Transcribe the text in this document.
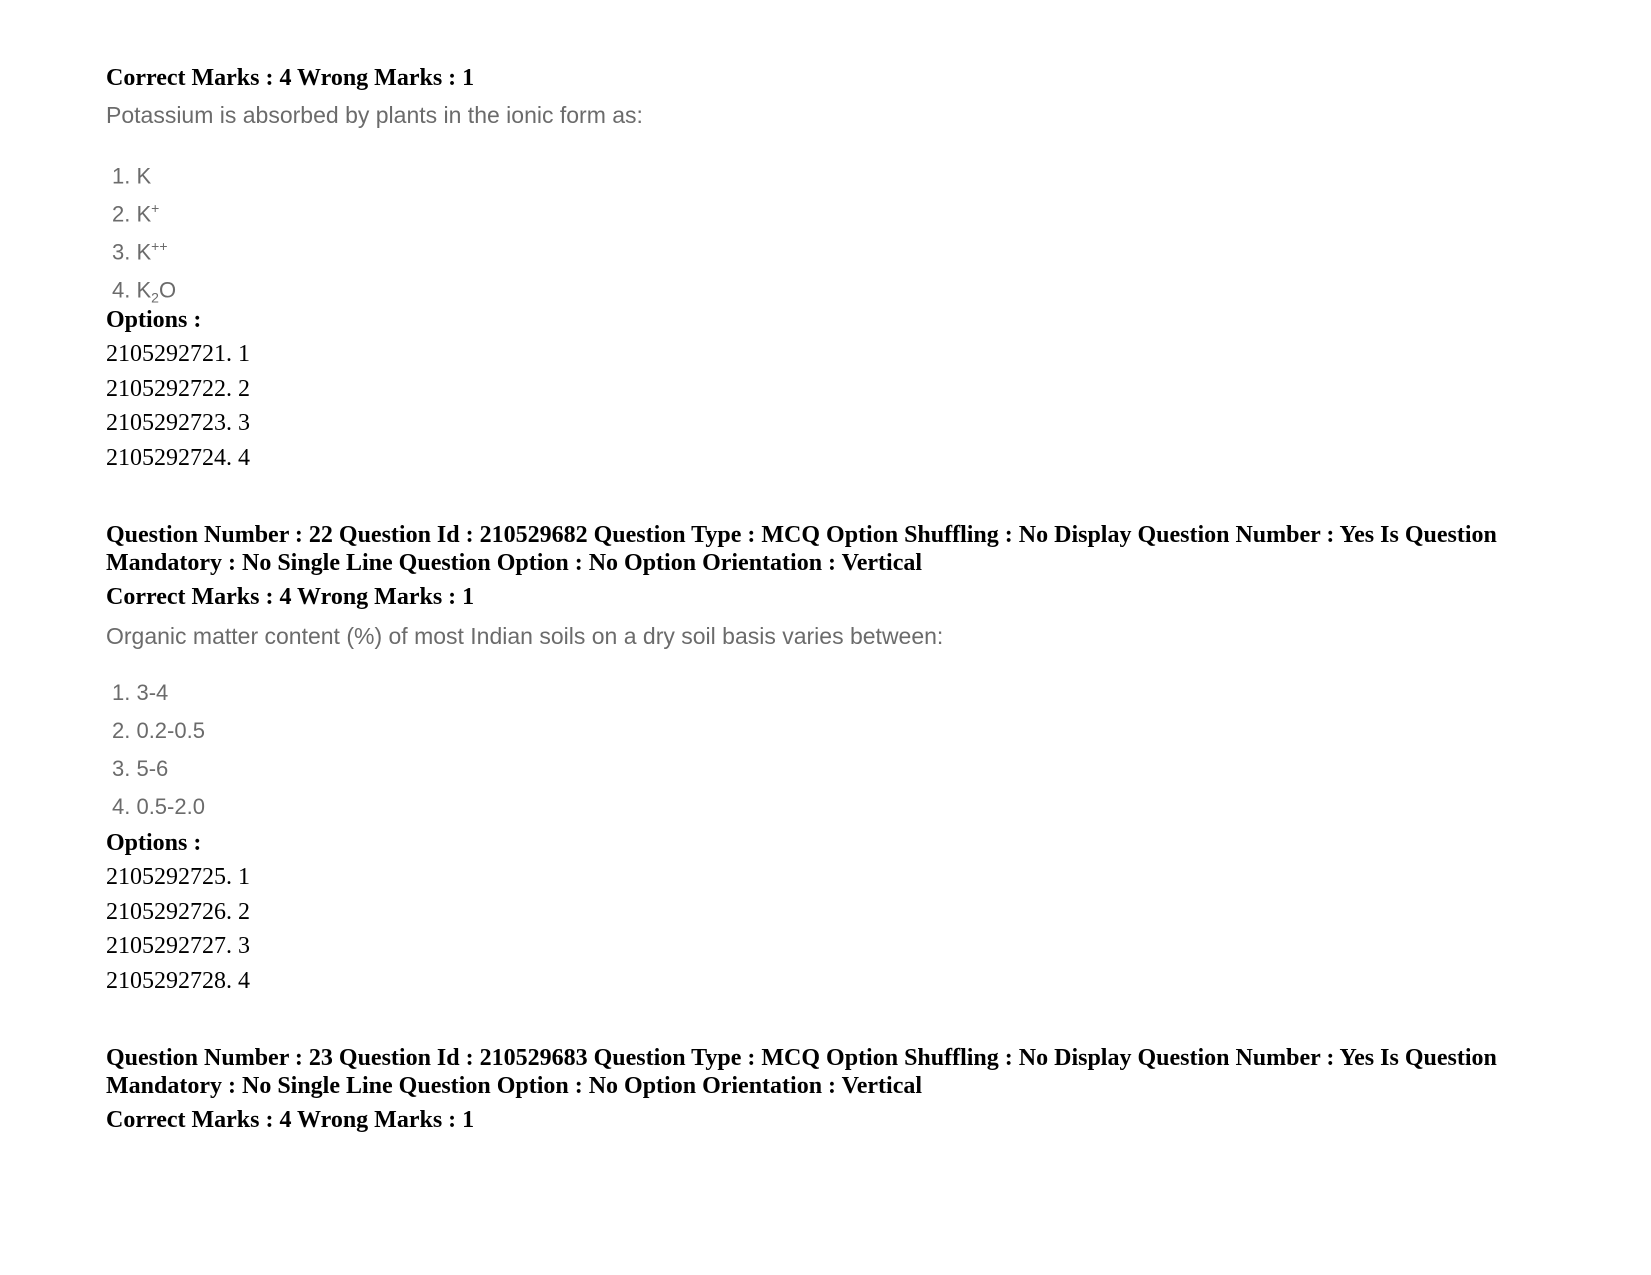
Correct Marks : 4 Wrong Marks : 1
Potassium is absorbed by plants in the ionic form as:
1. K
2. K+
3. K++
4. $K_2O$
Options :
2105292721. 1
2105292722. 2
2105292723. 3
2105292724. 4
Question Number : 22 Question Id : 210529682 Question Type : MCQ Option Shuffling : No Display Question Number : Yes Is Question Mandatory : No Single Line Question Option : No Option Orientation : Vertical
Correct Marks : 4 Wrong Marks : 1
Organic matter content (%) of most Indian soils on a dry soil basis varies between:
1. 3-4
2. 0.2-0.5
3. 5-6
4. 0.5-2.0
Options :
2105292725. 1
2105292726. 2
2105292727. 3
2105292728. 4
Question Number : 23 Question Id : 210529683 Question Type : MCQ Option Shuffling : No Display Question Number : Yes Is Question Mandatory : No Single Line Question Option : No Option Orientation : Vertical
Correct Marks : 4 Wrong Marks : 1
